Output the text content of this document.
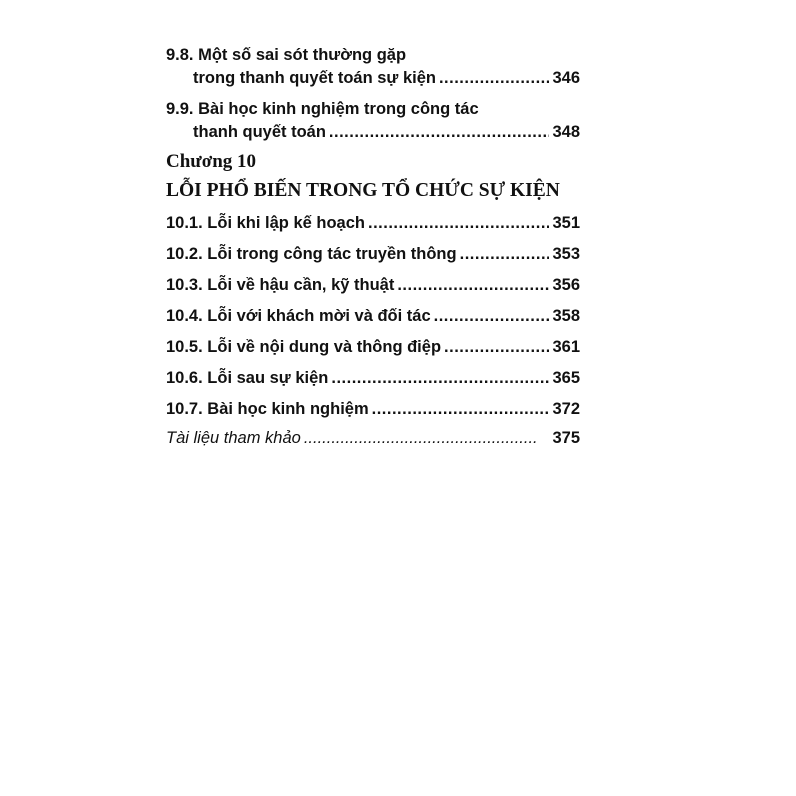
9.8. Một số sai sót thường gặp
trong thanh quyết toán sự kiện .....	346
9.9. Bài học kinh nghiệm trong công tác
thanh quyết toán .....	348
Chương 10
LỖI PHỔ BIẾN TRONG TỔ CHỨC SỰ KIỆN
10.1. Lỗi khi lập kế hoạch .....	351
10.2. Lỗi trong công tác truyền thông .....	353
10.3. Lỗi về hậu cần, kỹ thuật .....	356
10.4. Lỗi với khách mời và đối tác .....	358
10.5. Lỗi về nội dung và thông điệp .....	361
10.6. Lỗi sau sự kiện .....	365
10.7. Bài học kinh nghiệm .....	372
Tài liệu tham khảo .....	375
